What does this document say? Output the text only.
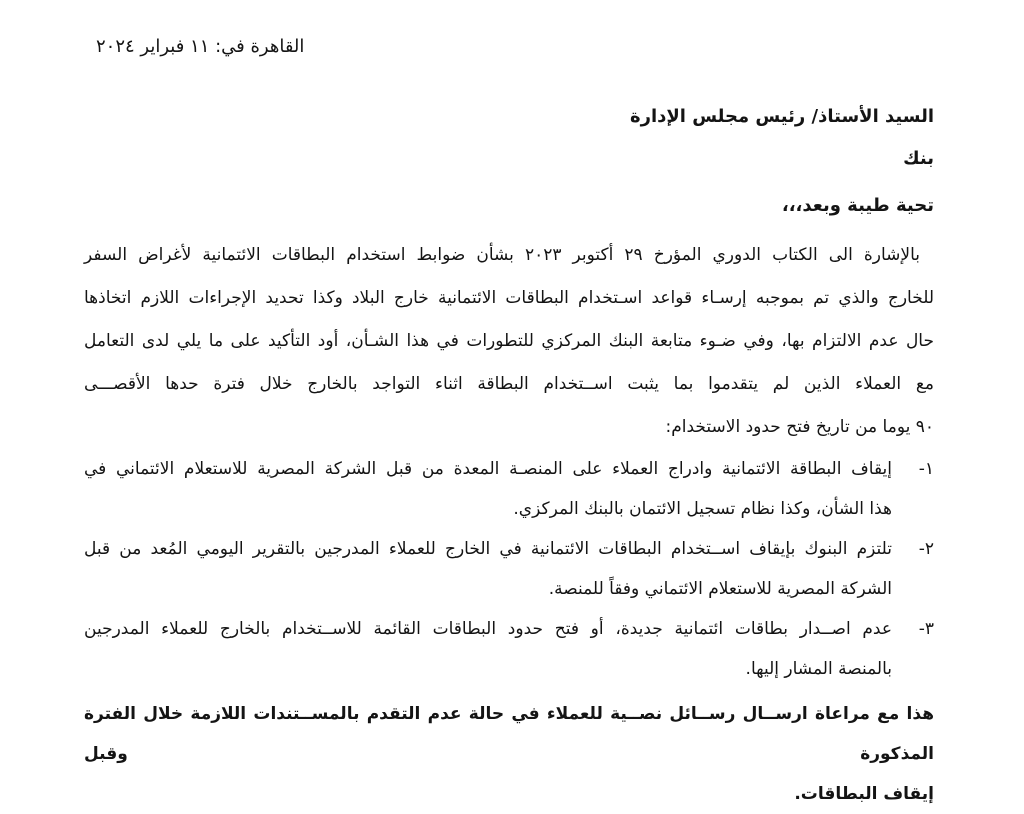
القاهرة في: ١١ فبراير ٢٠٢٤
السيد الأستاذ/ رئيس مجلس الإدارة
بنك
تحية طيبة وبعد،،،
بالإشارة الى الكتاب الدوري المؤرخ ٢٩ أكتوبر ٢٠٢٣ بشأن ضوابط استخدام البطاقات الائتمانية لأغراض السفر
للخارج والذي تم بموجبه إرسـاء قواعد اسـتخدام البطاقات الائتمانية خارج البلاد وكذا تحديد الإجراءات اللازم اتخاذها
حال عدم الالتزام بها، وفي ضـوء متابعة البنك المركزي للتطورات في هذا الشـأن، أود التأكيد على ما يلي لدى التعامل
مع العملاء الذين لم يتقدموا بما يثبت اســتخدام البطاقة اثناء التواجد بالخارج خلال فترة حدها الأقصـــى
٩٠ يوما من تاريخ فتح حدود الاستخدام:
١-
إيقاف البطاقة الائتمانية وادراج العملاء على المنصـة المعدة من قبل الشركة المصرية للاستعلام الائتماني في
هذا الشأن، وكذا نظام تسجيل الائتمان بالبنك المركزي.
٢-
تلتزم البنوك بإيقاف اســتخدام البطاقات الائتمانية في الخارج للعملاء المدرجين بالتقرير اليومي المُعد من قبل
الشركة المصرية للاستعلام الائتماني وفقاً للمنصة.
٣-
عدم اصــدار بطاقات ائتمانية جديدة، أو فتح حدود البطاقات القائمة للاســتخدام بالخارج للعملاء المدرجين
بالمنصة المشار إليها.
هذا مع مراعاة ارســال رســائل نصــية للعملاء في حالة عدم التقدم بالمســتندات اللازمة خلال الفترة المذكورة وقبل
إيقاف البطاقات.
